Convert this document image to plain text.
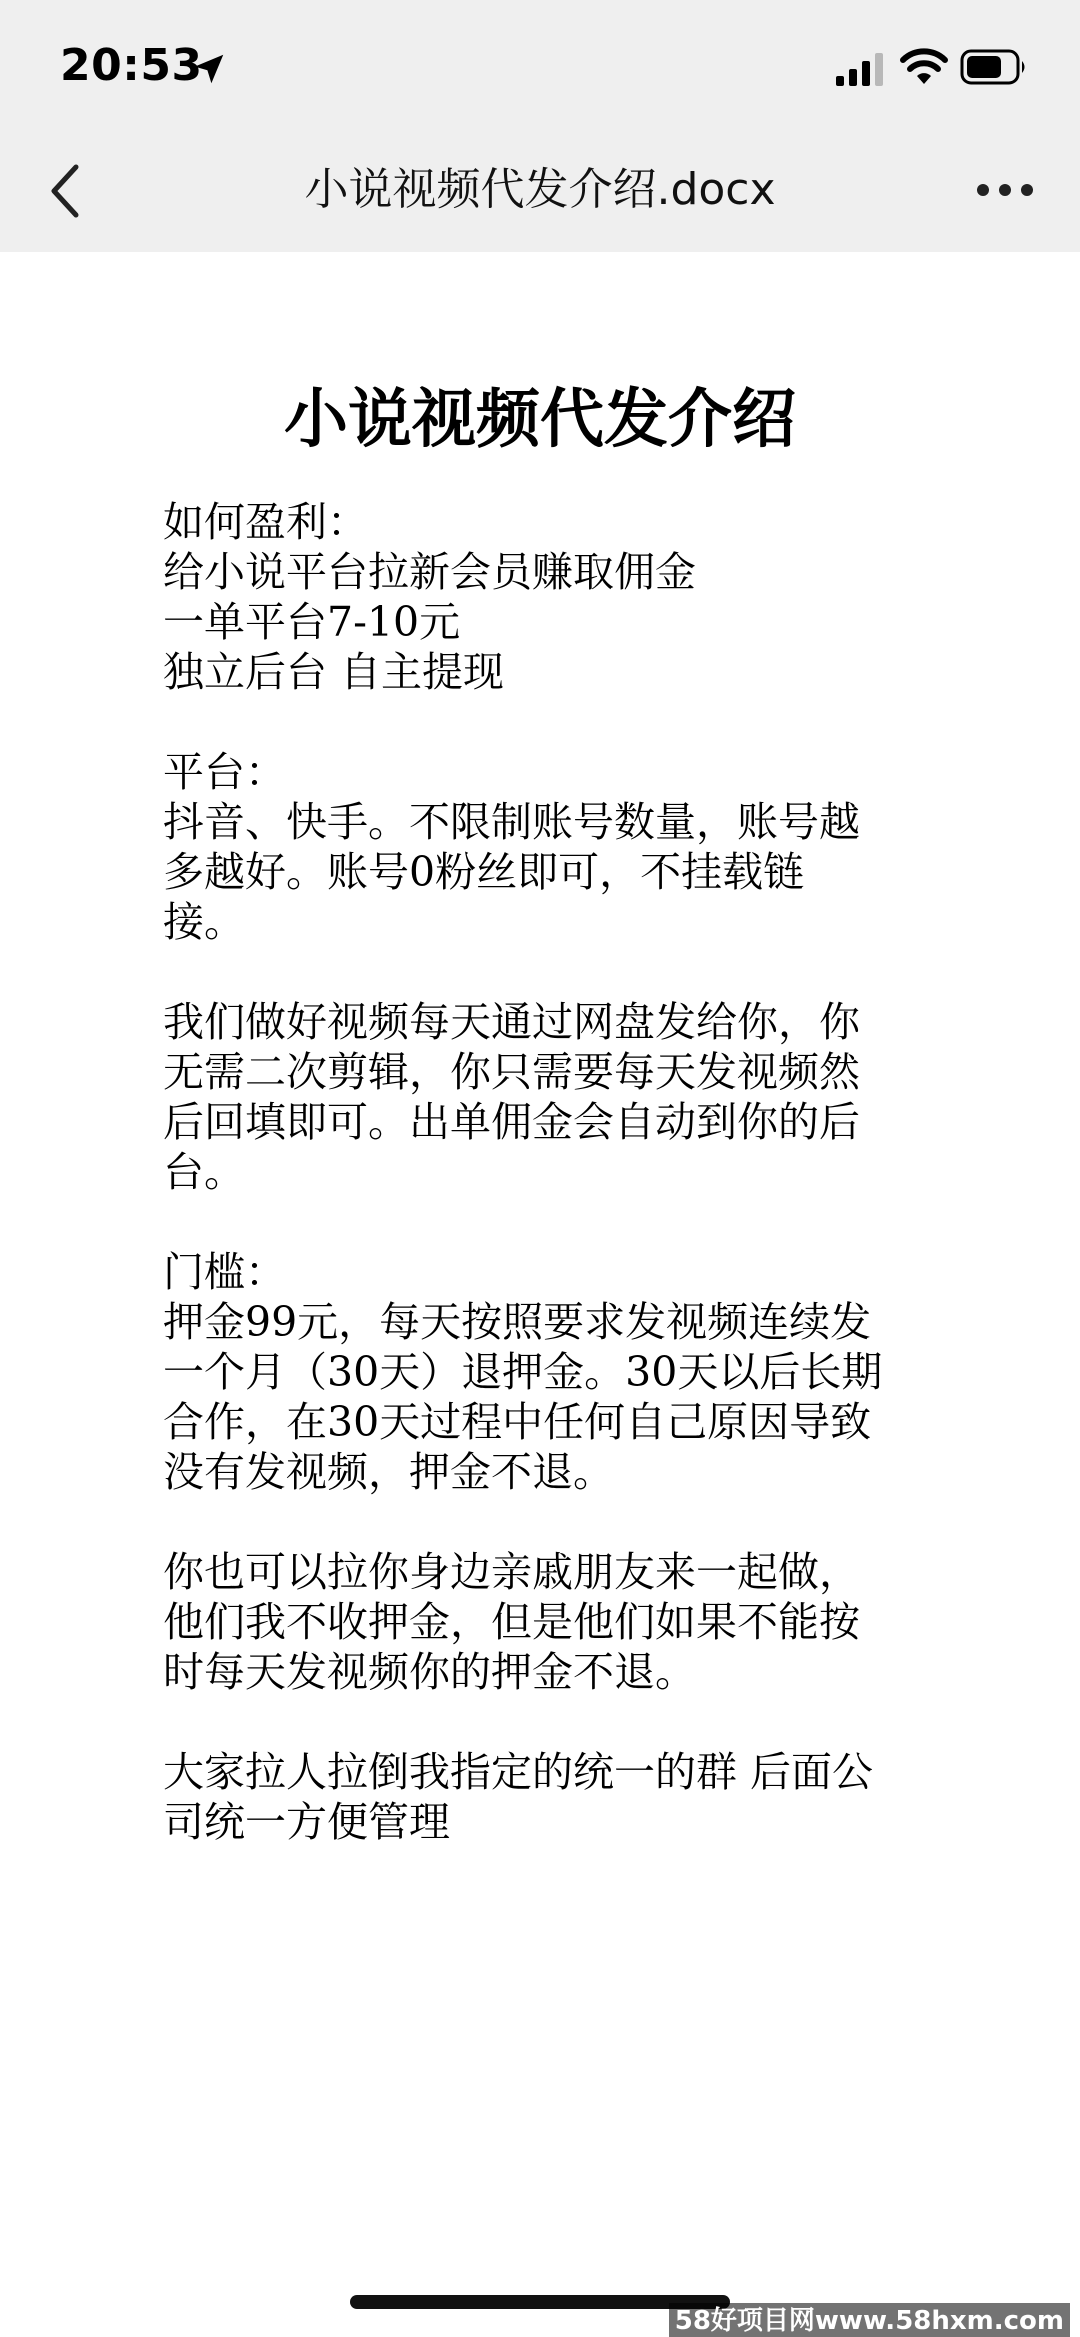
20:53
小说视频代发介绍.docx
小说视频代发介绍
如何盈利：
给小说平台拉新会员赚取佣金
一单平台7-10元
独立后台 自主提现
平台：
抖音、快手。不限制账号数量，账号越
多越好。账号0粉丝即可，不挂载链
接。
我们做好视频每天通过网盘发给你，你
无需二次剪辑，你只需要每天发视频然
后回填即可。出单佣金会自动到你的后
台。
门槛：
押金99元，每天按照要求发视频连续发
一个月（30天）退押金。30天以后长期
合作，在30天过程中任何自己原因导致
没有发视频，押金不退。
你也可以拉你身边亲戚朋友来一起做，
他们我不收押金，但是他们如果不能按
时每天发视频你的押金不退。
大家拉人拉倒我指定的统一的群 后面公
司统一方便管理
58好项目网www.58hxm.com
